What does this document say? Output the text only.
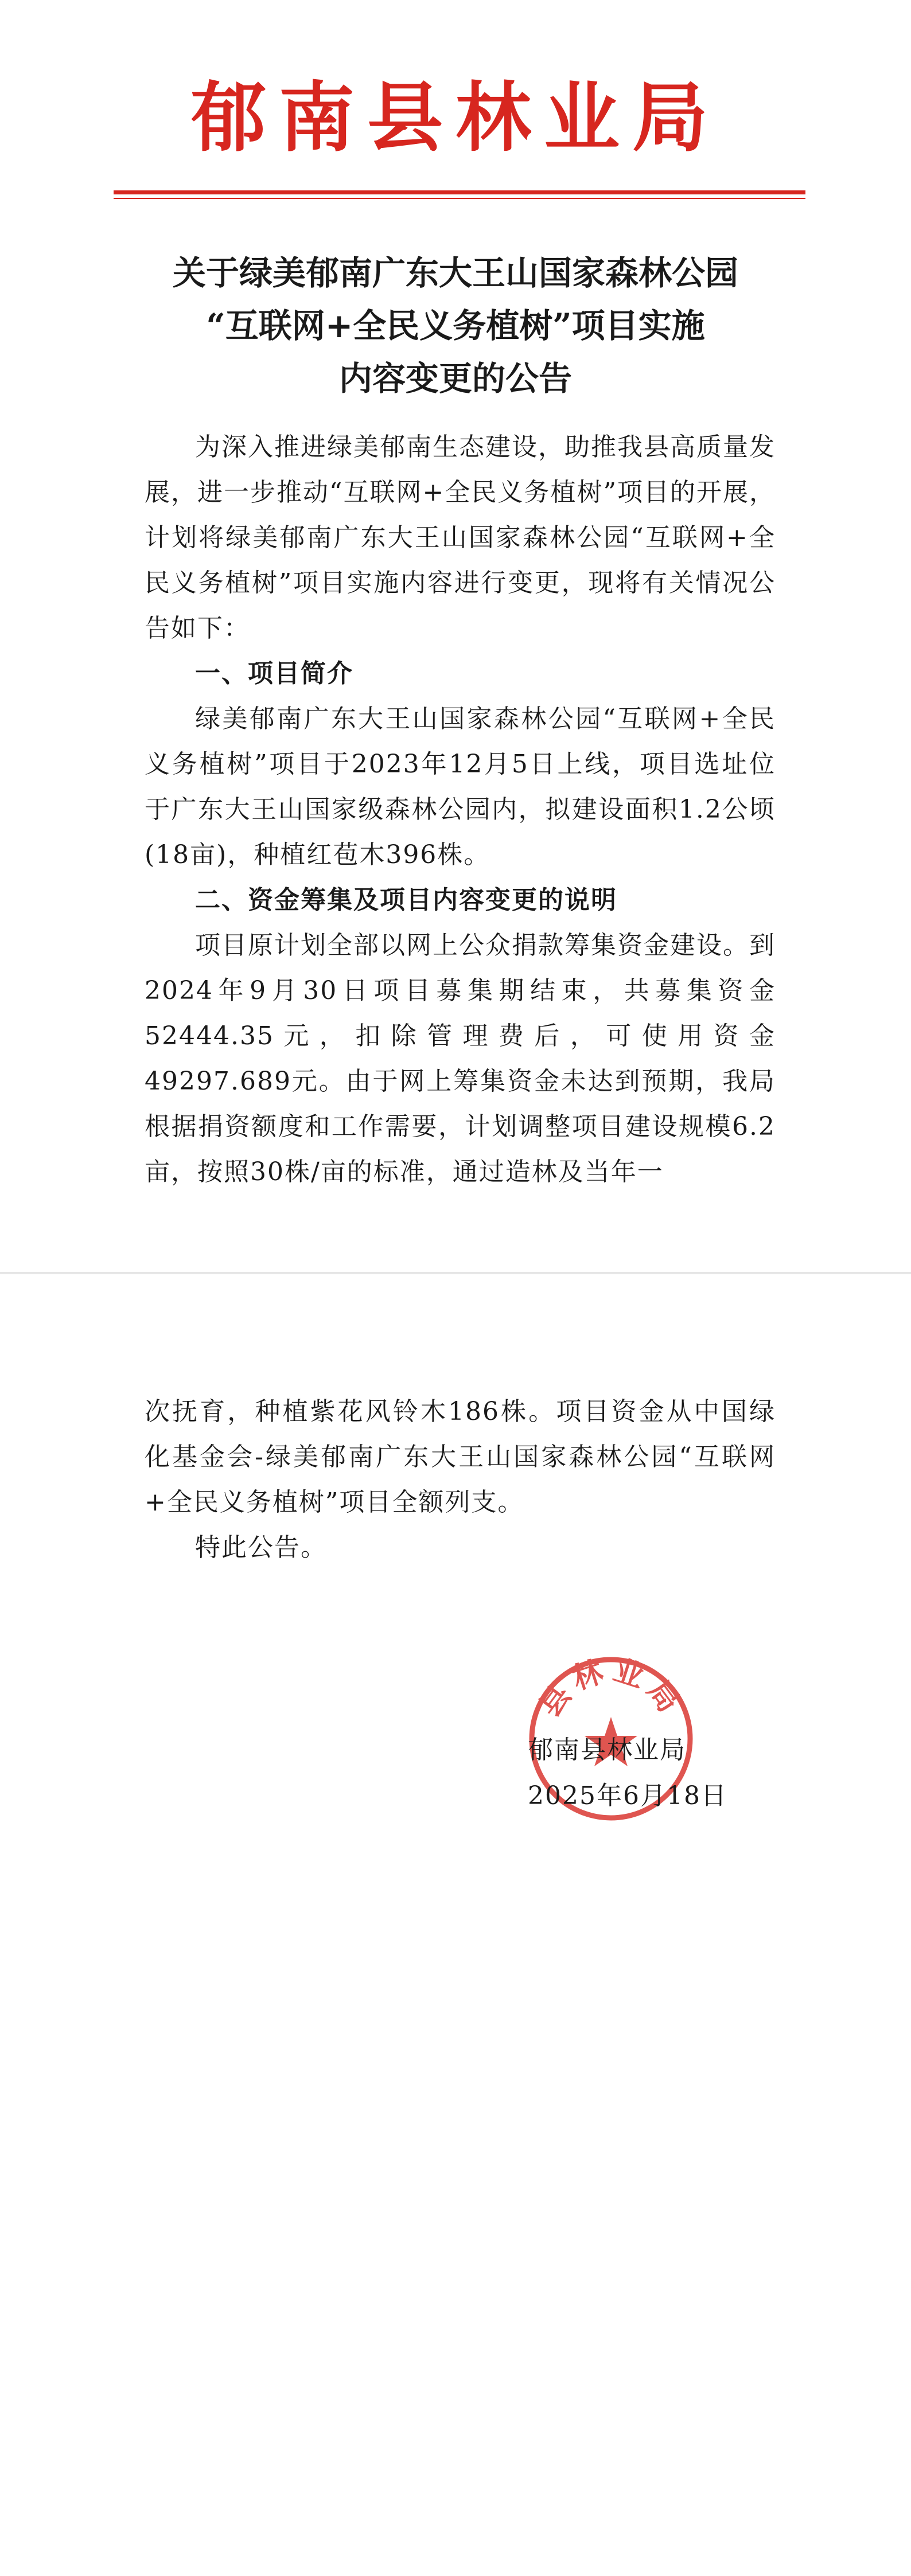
郁南县林业局
关于绿美郁南广东大王山国家森林公园
“互联网+全民义务植树”项目实施
内容变更的公告

为深入推进绿美郁南生态建设，助推我县高质量发展，进一步推动“互联网+全民义务植树”项目的开展，计划将绿美郁南广东大王山国家森林公园“互联网+全民义务植树”项目实施内容进行变更，现将有关情况公告如下：

一、项目简介

绿美郁南广东大王山国家森林公园“互联网+全民义务植树”项目于2023年12月5日上线，项目选址位于广东大王山国家级森林公园内，拟建设面积1.2公顷(18亩)，种植红苞木396株。

二、资金筹集及项目内容变更的说明

项目原计划全部以网上公众捐款筹集资金建设。到2024年9月30日项目募集期结束，共募集资金52444.35元，扣除管理费后，可使用资金49297.689元。由于网上筹集资金未达到预期，我局根据捐资额度和工作需要，计划调整项目建设规模6.2亩，按照30株/亩的标准，通过造林及当年一

次抚育，种植紫花风铃木186株。项目资金从中国绿化基金会-绿美郁南广东大王山国家森林公园“互联网+全民义务植树”项目全额列支。

特此公告。

县林业局
郁南县林业局
2025年6月18日
